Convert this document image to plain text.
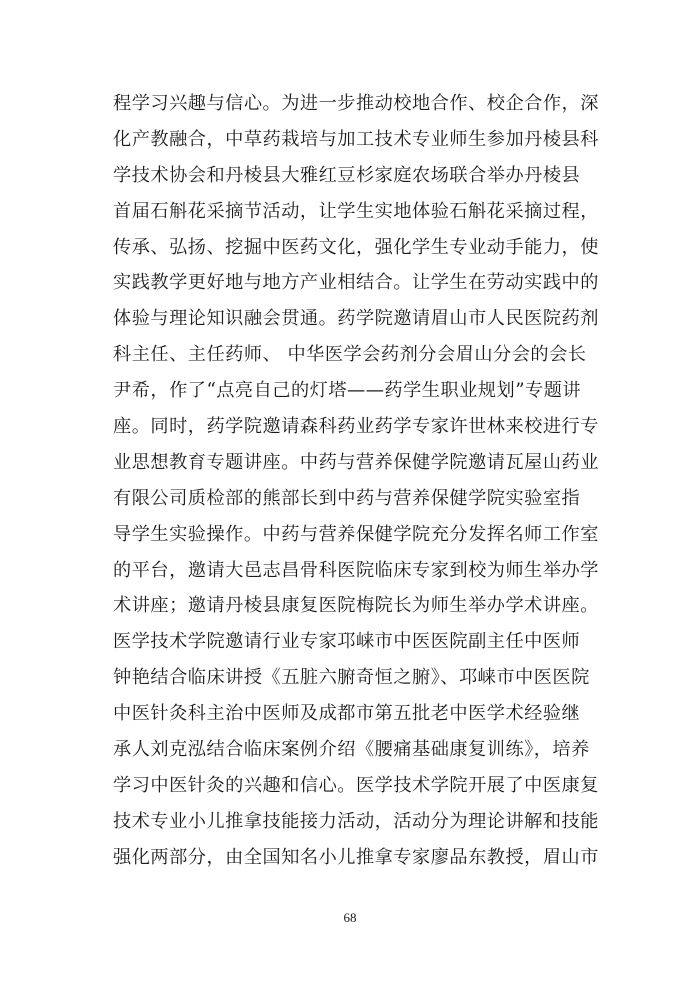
程学习兴趣与信心。为进一步推动校地合作、校企合作，深
化产教融合，中草药栽培与加工技术专业师生参加丹棱县科
学技术协会和丹棱县大雅红豆杉家庭农场联合举办丹棱县
首届石斛花采摘节活动，让学生实地体验石斛花采摘过程，
传承、弘扬、挖掘中医药文化，强化学生专业动手能力，使
实践教学更好地与地方产业相结合。让学生在劳动实践中的
体验与理论知识融会贯通。药学院邀请眉山市人民医院药剂
科主任、主任药师、 中华医学会药剂分会眉山分会的会长
尹希，作了“点亮自己的灯塔——药学生职业规划”专题讲
座。同时，药学院邀请森科药业药学专家许世林来校进行专
业思想教育专题讲座。中药与营养保健学院邀请瓦屋山药业
有限公司质检部的熊部长到中药与营养保健学院实验室指
导学生实验操作。中药与营养保健学院充分发挥名师工作室
的平台，邀请大邑志昌骨科医院临床专家到校为师生举办学
术讲座；邀请丹棱县康复医院梅院长为师生举办学术讲座。
医学技术学院邀请行业专家邛崃市中医医院副主任中医师
钟艳结合临床讲授《五脏六腑奇恒之腑》、邛崃市中医医院
中医针灸科主治中医师及成都市第五批老中医学术经验继
承人刘克泓结合临床案例介绍《腰痛基础康复训练》，培养
学习中医针灸的兴趣和信心。医学技术学院开展了中医康复
技术专业小儿推拿技能接力活动，活动分为理论讲解和技能
强化两部分，由全国知名小儿推拿专家廖品东教授，眉山市
68
